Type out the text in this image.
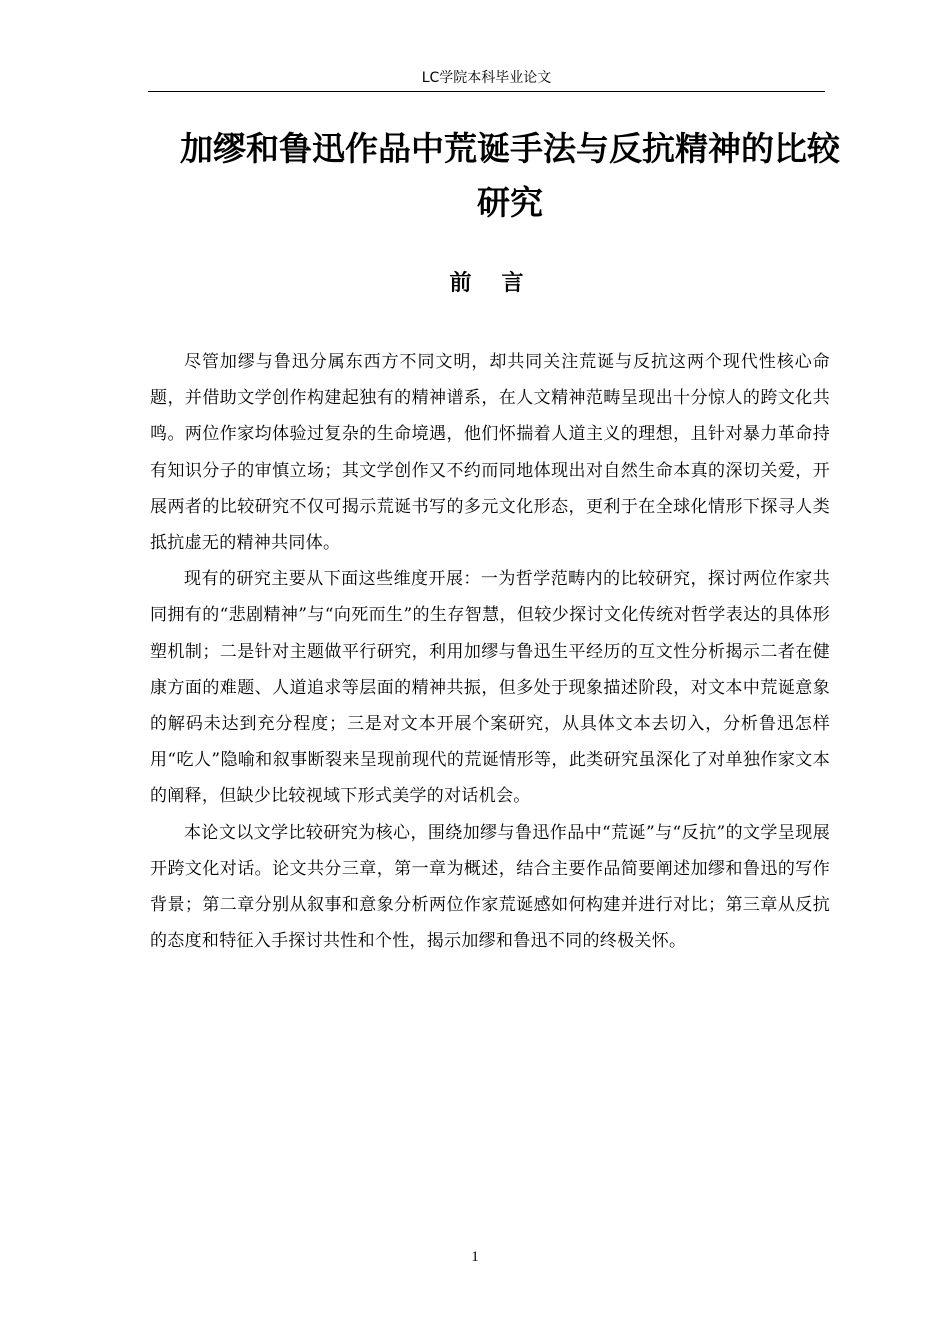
LC学院本科毕业论文
加缪和鲁迅作品中荒诞手法与反抗精神的比较
研究
前言

尽管加缪与鲁迅分属东西方不同文明，却共同关注荒诞与反抗这两个现代性核心命题，并借助文学创作构建起独有的精神谱系，在人文精神范畴呈现出十分惊人的跨文化共鸣。两位作家均体验过复杂的生命境遇，他们怀揣着人道主义的理想，且针对暴力革命持有知识分子的审慎立场；其文学创作又不约而同地体现出对自然生命本真的深切关爱，开展两者的比较研究不仅可揭示荒诞书写的多元文化形态，更利于在全球化情形下探寻人类抵抗虚无的精神共同体。

现有的研究主要从下面这些维度开展：一为哲学范畴内的比较研究，探讨两位作家共同拥有的“悲剧精神”与“向死而生”的生存智慧，但较少探讨文化传统对哲学表达的具体形塑机制；二是针对主题做平行研究，利用加缪与鲁迅生平经历的互文性分析揭示二者在健康方面的难题、人道追求等层面的精神共振，但多处于现象描述阶段，对文本中荒诞意象的解码未达到充分程度；三是对文本开展个案研究，从具体文本去切入，分析鲁迅怎样用“吃人”隐喻和叙事断裂来呈现前现代的荒诞情形等，此类研究虽深化了对单独作家文本的阐释，但缺少比较视域下形式美学的对话机会。

本论文以文学比较研究为核心，围绕加缪与鲁迅作品中“荒诞”与“反抗”的文学呈现展开跨文化对话。论文共分三章，第一章为概述，结合主要作品简要阐述加缪和鲁迅的写作背景；第二章分别从叙事和意象分析两位作家荒诞感如何构建并进行对比；第三章从反抗的态度和特征入手探讨共性和个性，揭示加缪和鲁迅不同的终极关怀。

1
